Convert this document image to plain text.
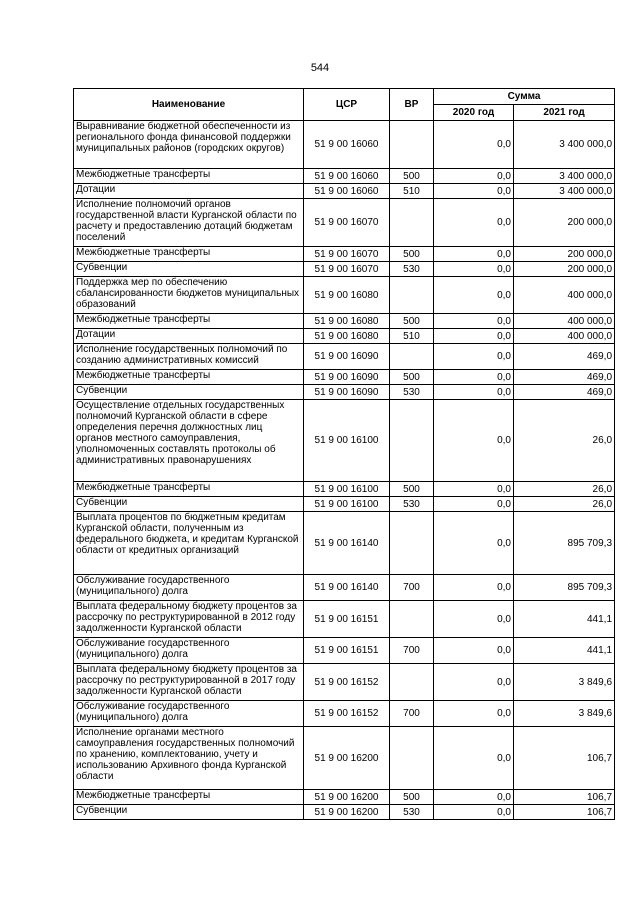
544
Наименование	ЦСР	ВР	Сумма	
			2020 год	2021 год
Выравнивание бюджетной обеспеченности из регионального фонда финансовой поддержки муниципальных районов (городских округов)	51 9 00 16060		0,0	3 400 000,0
Межбюджетные трансферты	51 9 00 16060	500	0,0	3 400 000,0
Дотации	51 9 00 16060	510	0,0	3 400 000,0
Исполнение полномочий органов государственной власти Курганской области по расчету и предоставлению дотаций бюджетам поселений	51 9 00 16070		0,0	200 000,0
Межбюджетные трансферты	51 9 00 16070	500	0,0	200 000,0
Субвенции	51 9 00 16070	530	0,0	200 000,0
Поддержка мер по обеспечению сбалансированности бюджетов муниципальных образований	51 9 00 16080		0,0	400 000,0
Межбюджетные трансферты	51 9 00 16080	500	0,0	400 000,0
Дотации	51 9 00 16080	510	0,0	400 000,0
Исполнение государственных полномочий по созданию административных комиссий	51 9 00 16090		0,0	469,0
Межбюджетные трансферты	51 9 00 16090	500	0,0	469,0
Субвенции	51 9 00 16090	530	0,0	469,0
Осуществление отдельных государственных полномочий Курганской области в сфере определения перечня должностных лиц органов местного самоуправления, уполномоченных составлять протоколы об административных правонарушениях	51 9 00 16100		0,0	26,0
Межбюджетные трансферты	51 9 00 16100	500	0,0	26,0
Субвенции	51 9 00 16100	530	0,0	26,0
Выплата процентов по бюджетным кредитам Курганской области, полученным из федерального бюджета, и кредитам Курганской области от кредитных организаций	51 9 00 16140		0,0	895 709,3
Обслуживание государственного (муниципального) долга	51 9 00 16140	700	0,0	895 709,3
Выплата федеральному бюджету процентов за рассрочку по реструктурированной в 2012 году задолженности Курганской области	51 9 00 16151		0,0	441,1
Обслуживание государственного (муниципального) долга	51 9 00 16151	700	0,0	441,1
Выплата федеральному бюджету процентов за рассрочку по реструктурированной в 2017 году задолженности Курганской области	51 9 00 16152		0,0	3 849,6
Обслуживание государственного (муниципального) долга	51 9 00 16152	700	0,0	3 849,6
Исполнение органами местного самоуправления государственных полномочий по хранению, комплектованию, учету и использованию Архивного фонда Курганской области	51 9 00 16200		0,0	106,7
Межбюджетные трансферты	51 9 00 16200	500	0,0	106,7
Субвенции	51 9 00 16200	530	0,0	106,7
